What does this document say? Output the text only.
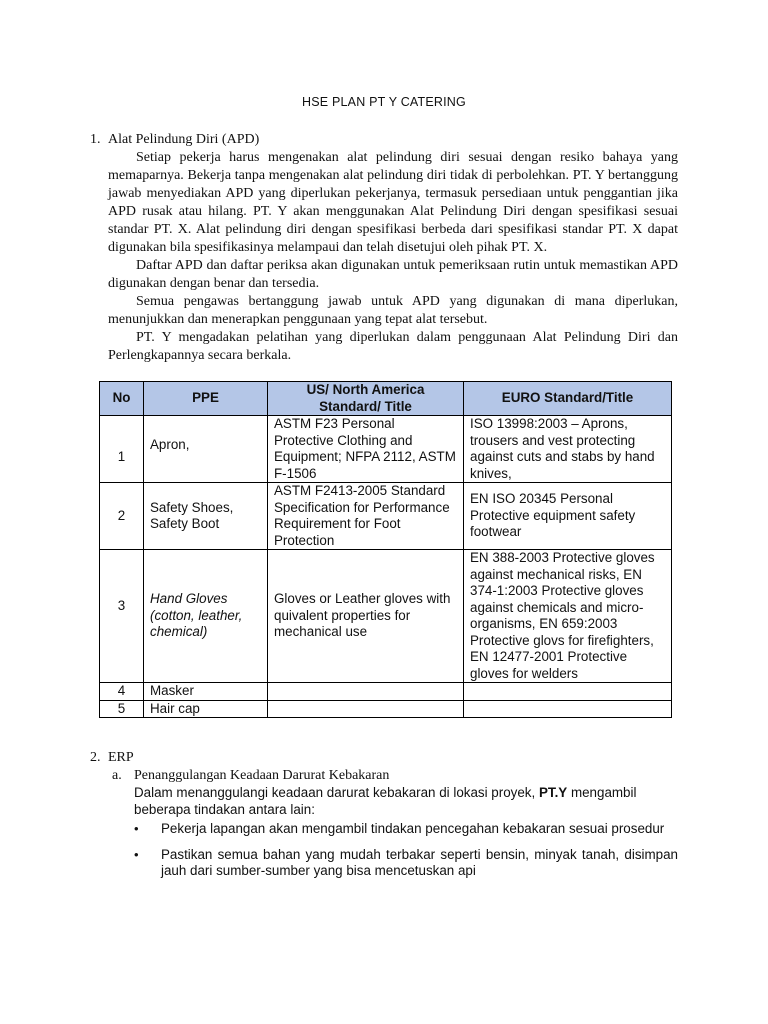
HSE PLAN PT Y CATERING
1. Alat Pelindung Diri (APD)

Setiap pekerja harus mengenakan alat pelindung diri sesuai dengan resiko bahaya yang memaparnya. Bekerja tanpa mengenakan alat pelindung diri tidak di perbolehkan. PT. Y bertanggung jawab menyediakan APD yang diperlukan pekerjanya, termasuk persediaan untuk penggantian jika APD rusak atau hilang. PT. Y akan menggunakan Alat Pelindung Diri dengan spesifikasi sesuai standar PT. X. Alat pelindung diri dengan spesifikasi berbeda dari spesifikasi standar PT. X dapat digunakan bila spesifikasinya melampaui dan telah disetujui oleh pihak PT. X.

Daftar APD dan daftar periksa akan digunakan untuk pemeriksaan rutin untuk memastikan APD digunakan dengan benar dan tersedia.

Semua pengawas bertanggung jawab untuk APD yang digunakan di mana diperlukan, menunjukkan dan menerapkan penggunaan yang tepat alat tersebut.

PT. Y mengadakan pelatihan yang diperlukan dalam penggunaan Alat Pelindung Diri dan Perlengkapannya secara berkala.

No	PPE	US/ North America Standard/ Title	EURO Standard/Title
1	Apron,	ASTM F23 Personal Protective Clothing and Equipment; NFPA 2112, ASTM F-1506	ISO 13998:2003 – Aprons, trousers and vest protecting against cuts and stabs by hand knives,
2	Safety Shoes, Safety Boot	ASTM F2413-2005 Standard Specification for Performance Requirement for Foot Protection	EN ISO 20345 Personal Protective equipment safety footwear
3	Hand Gloves (cotton, leather, chemical)	Gloves or Leather gloves with quivalent properties for mechanical use	EN 388-2003 Protective gloves against mechanical risks, EN 374-1:2003 Protective gloves against chemicals and micro-organisms, EN 659:2003 Protective glovs for firefighters, EN 12477-2001 Protective gloves for welders
4	Masker		
5	Hair cap		
2. ERP
a. Penanggulangan Keadaan Darurat Kebakaran
Dalam menanggulangi keadaan darurat kebakaran di lokasi proyek, PT.Y mengambil beberapa tindakan antara lain:
•	Pekerja lapangan akan mengambil tindakan pencegahan kebakaran sesuai prosedur
•	Pastikan semua bahan yang mudah terbakar seperti bensin, minyak tanah, disimpan jauh dari sumber-sumber yang bisa mencetuskan api
